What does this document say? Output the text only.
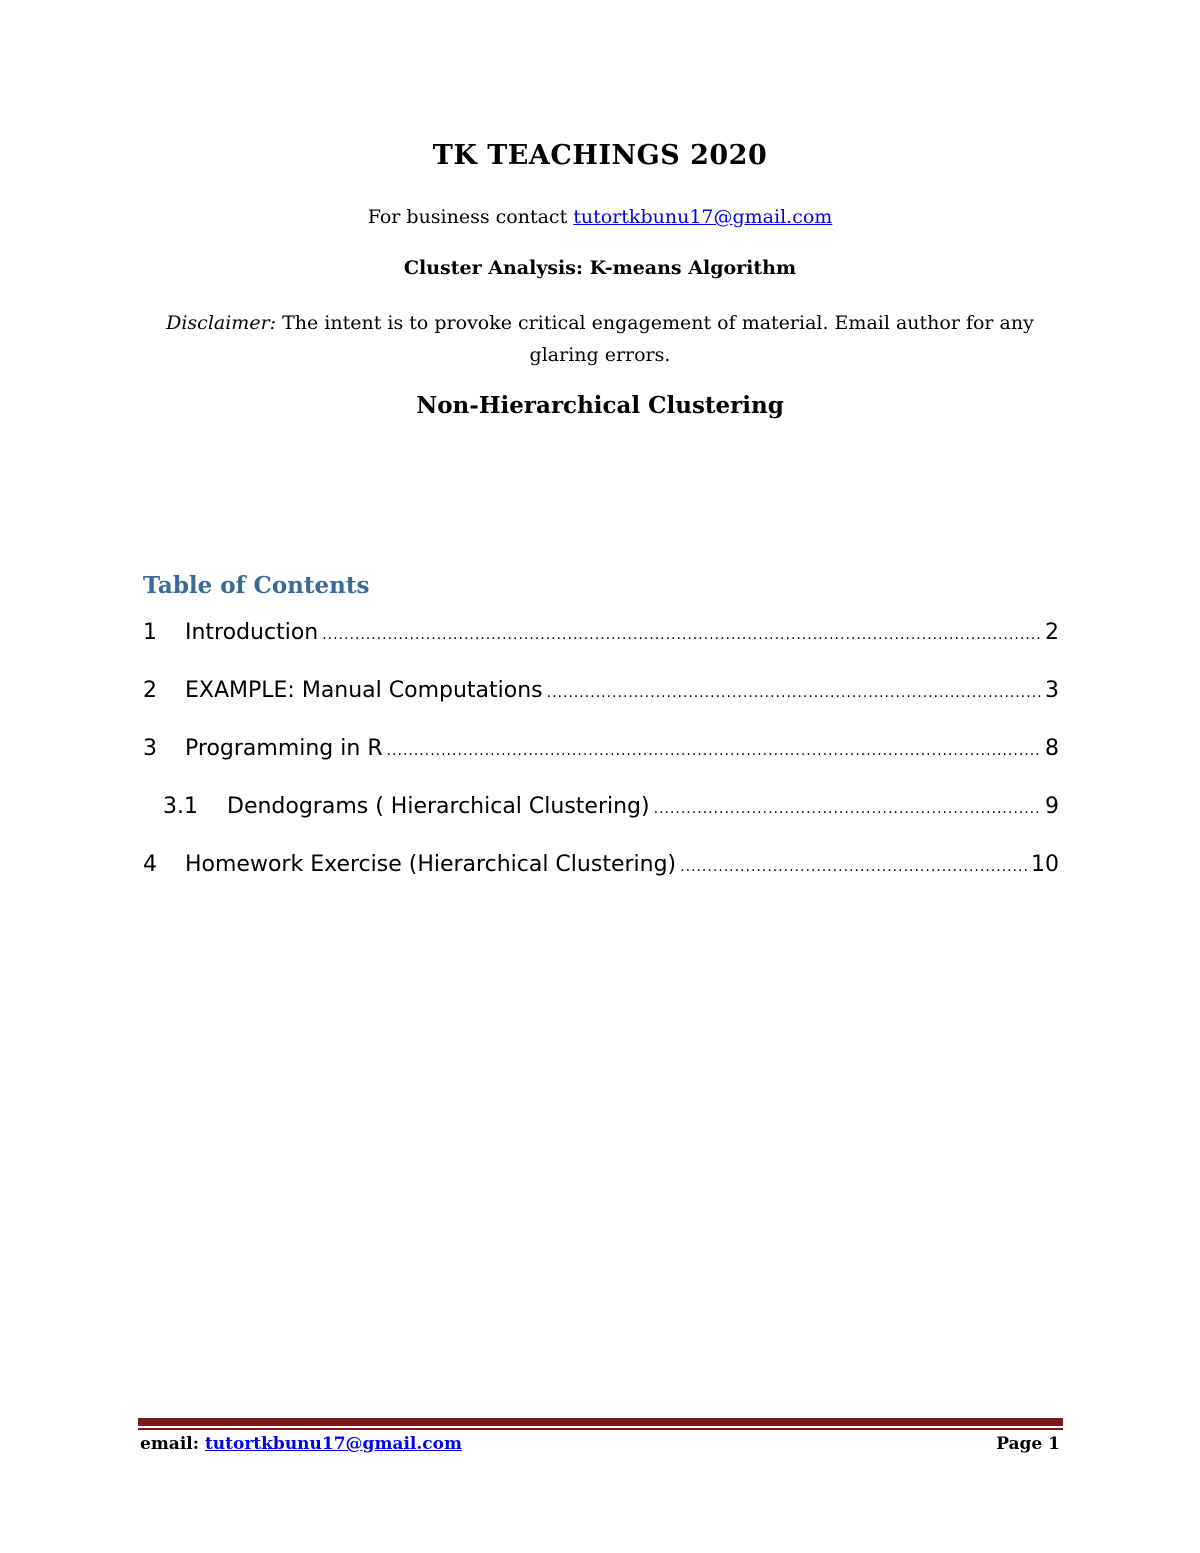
TK TEACHINGS 2020
For business contact tutortkbunu17@gmail.com
Cluster Analysis: K-means Algorithm
Disclaimer: The intent is to provoke critical engagement of material. Email author for any glaring errors.
Non-Hierarchical Clustering
Table of Contents
1	Introduction .....	2
2	EXAMPLE: Manual Computations .....	3
3	Programming in R .....	8
3.1	Dendograms ( Hierarchical Clustering) .....	9
4	Homework Exercise (Hierarchical Clustering) .....	10
email: tutortkbunu17@gmail.com	Page 1
